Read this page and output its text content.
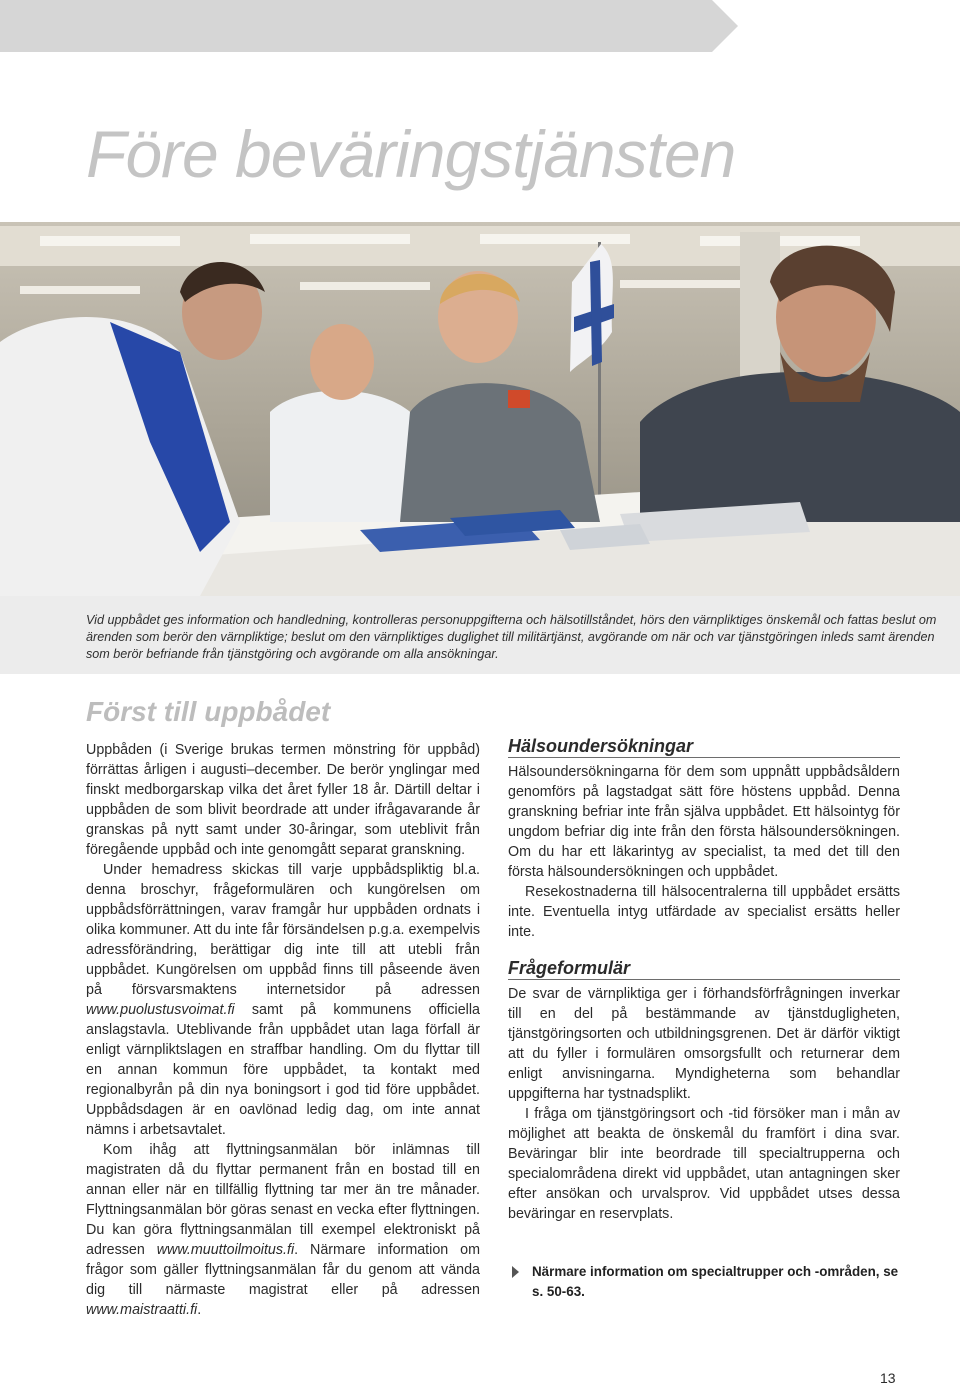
Före beväringstjänsten

Vid uppbådet ges information och handledning, kontrolleras personuppgifterna och hälsotillståndet, hörs den värnpliktiges önskemål och fattas beslut om ärenden som berör den värnpliktige; beslut om den värnpliktiges duglighet till militärtjänst, avgörande om när och var tjänstgöringen inleds samt ärenden som berör befriande från tjänstgöring och avgörande om alla ansökningar.

Först till uppbådet

Uppbåden (i Sverige brukas termen mönstring för uppbåd) förrättas årligen i augusti–december. De berör ynglingar med finskt medborgarskap vilka det året fyller 18 år. Därtill deltar i uppbåden de som blivit beordrade att under ifrågavarande år granskas på nytt samt under 30-åringar, som uteblivit från föregående uppbåd och inte genomgått separat granskning.

Under hemadress skickas till varje uppbådspliktig bl.a. denna broschyr, frågeformulären och kungörelsen om uppbådsförrättningen, varav framgår hur uppbåden ordnats i olika kommuner. Att du inte får försändelsen p.g.a. exempelvis adressförändring, berättigar dig inte till att utebli från uppbådet. Kungörelsen om uppbåd finns till påseende även på försvarsmaktens internetsidor på adressen www.puolustusvoimat.fi samt på kommunens officiella anslagstavla. Uteblivande från uppbådet utan laga förfall är enligt värnpliktslagen en straffbar handling. Om du flyttar till en annan kommun före uppbådet, ta kontakt med regionalbyrån på din nya boningsort i god tid före uppbådet. Uppbådsdagen är en oavlönad ledig dag, om inte annat nämns i arbetsavtalet.

Kom ihåg att flyttningsanmälan bör inlämnas till magistraten då du flyttar permanent från en bostad till en annan eller när en tillfällig flyttning tar mer än tre månader. Flyttningsanmälan bör göras senast en vecka efter flyttningen. Du kan göra flyttningsanmälan till exempel elektroniskt på adressen www.muuttoilmoitus.fi. Närmare information om frågor som gäller flyttningsanmälan får du genom att vända dig till närmaste magistrat eller på adressen www.maistraatti.fi.

Hälsoundersökningar

Hälsoundersökningarna för dem som uppnått uppbådsåldern genomförs på lagstadgat sätt före höstens uppbåd. Denna granskning befriar inte från själva uppbådet. Ett hälsointyg för ungdom befriar dig inte från den första hälsoundersökningen. Om du har ett läkarintyg av specialist, ta med det till den första hälsoundersökningen och uppbådet.

Resekostnaderna till hälsocentralerna till uppbådet ersätts inte. Eventuella intyg utfärdade av specialist ersätts heller inte.

Frågeformulär

De svar de värnpliktiga ger i förhandsförfrågningen inverkar till en del på bestämmande av tjänstdugligheten, tjänstgöringsorten och utbildningsgrenen. Det är därför viktigt att du fyller i formulären omsorgsfullt och returnerar dem enligt anvisningarna. Myndigheterna som behandlar uppgifterna har tystnadsplikt.

I fråga om tjänstgöringsort och -tid försöker man i mån av möjlighet att beakta de önskemål du framfört i dina svar. Beväringar blir inte beordrade till specialtrupperna och specialområdena direkt vid uppbådet, utan antagningen sker efter ansökan och urvalsprov. Vid uppbådet utses dessa beväringar en reservplats.

Närmare information om specialtrupper och -områden, se s. 50-63.
13
